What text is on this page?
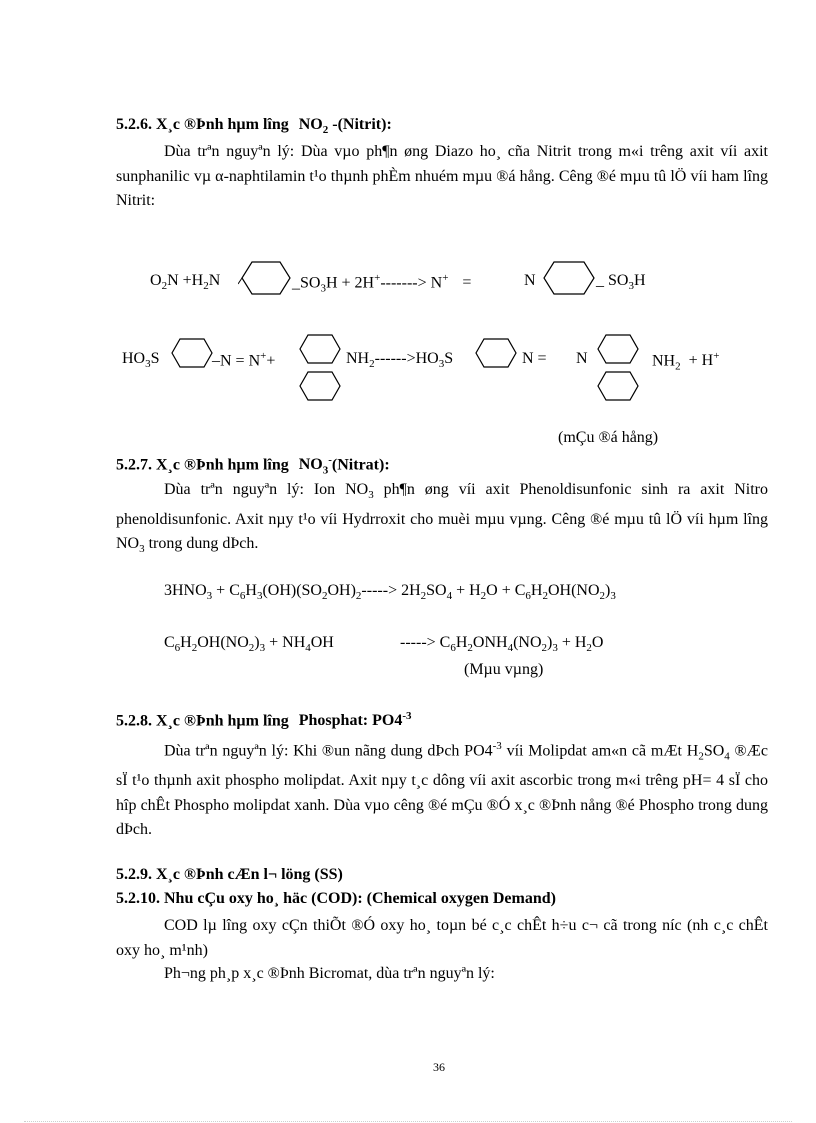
5.2.6. X¸c ®Þnh hµm lîng $NO_2$ -(Nitrit):
Dùa trªn nguyªn lý: Dùa vµo ph¶n øng Diazo ho¸ cña Nitrit trong m«i trêng axit víi axit sunphanilic vµ α-naphtilamin t¹o thµnh phÈm nhuém mµu ®á hång. Cêng ®é mµu tû lÖ víi ham lîng Nitrit:
$O_2N +H_2N$	$\_SO_3H + 2H^+-------> N^+$ =	N	_ $SO_3H$
$HO_3S$	–N = N++	$NH_2------>HO_3S$	N = N	$NH_2 + H^+$
(mÇu ®á hång)
5.2.7. X¸c ®Þnh hµm lîng $NO_3^-(Nitrat)$:
Dùa trªn nguyªn lý: Ion $NO_3$ ph¶n øng víi axit Phenoldisunfonic sinh ra axit Nitro phenoldisunfonic. Axit nµy t¹o víi Hydrroxit cho muèi mµu vµng. Cêng ®é mµu tû lÖ víi hµm lîng $NO_3$ trong dung dÞch.
$3HNO_3 + C_6H_3(OH)(SO_2OH)_2-----> 2H_2SO_4 + H_2O + C_6H_2OH(NO_2)_3$
$C_6H_2OH(NO_2)_3 + NH_4OH$	-----> $C_6H_2ONH_4(NO_2)_3 + H_2O$
(Mµu vµng)
5.2.8. X¸c ®Þnh hµm lîng Phosphat: $PO4^{-3}$
Dùa trªn nguyªn lý: Khi ®un nãng dung dÞch $PO4^{-3}$ víi Molipdat am«n cã mÆt $H_2SO_4$ ®Æc sÏ t¹o thµnh axit phospho molipdat. Axit nµy t¸c dông víi axit ascorbic trong m«i trêng pH= 4 sÏ cho hîp chÊt Phospho molipdat xanh. Dùa vµo cêng ®é mÇu ®Ó x¸c ®Þnh nång ®é Phospho trong dung dÞch.
5.2.9. X¸c ®Þnh cÆn l¬ löng (SS)
5.2.10. Nhu cÇu oxy ho¸ häc (COD): (Chemical oxygen Demand)
COD lµ lîng oxy cÇn thiÕt ®Ó oxy ho¸ toµn bé c¸c chÊt h÷u c¬ cã trong níc (nh c¸c chÊt oxy ho¸ m¹nh)
Ph¬ng ph¸p x¸c ®Þnh Bicromat, dùa trªn nguyªn lý:
36
